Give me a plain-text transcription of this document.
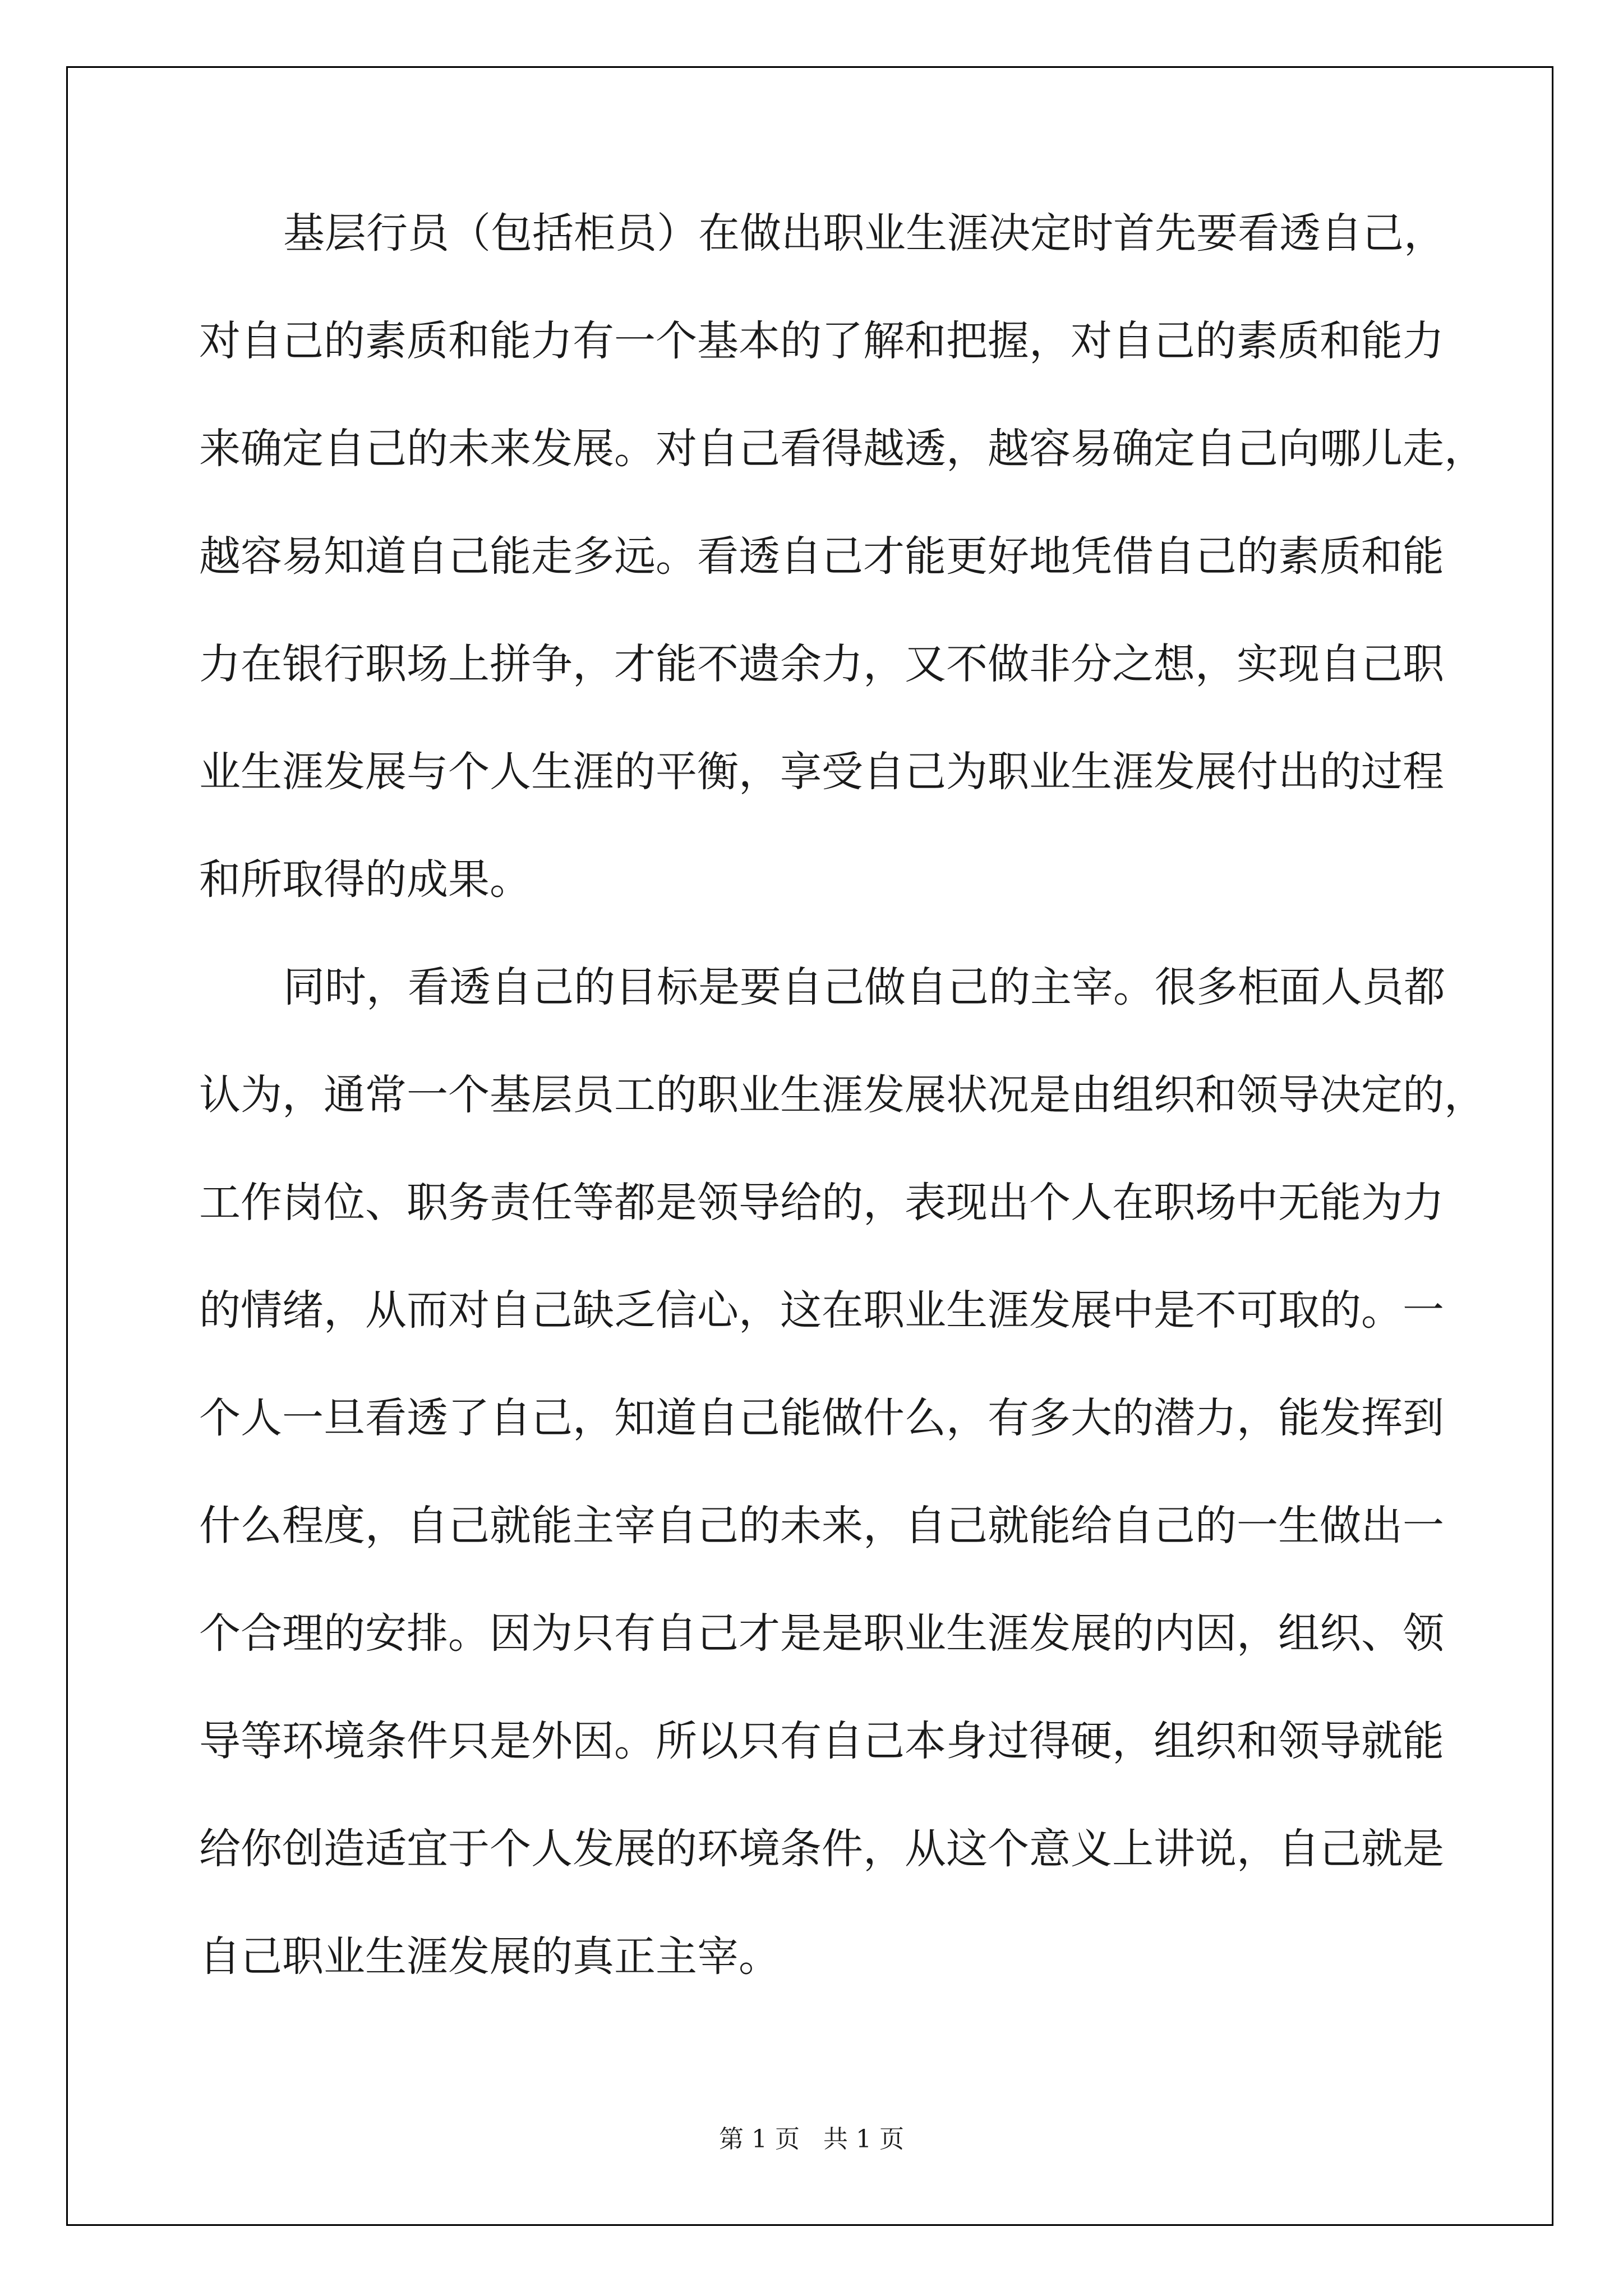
基层行员（包括柜员）在做出职业生涯决定时首先要看透自己，

对自己的素质和能力有一个基本的了解和把握，对自己的素质和能力

来确定自己的未来发展。对自己看得越透，越容易确定自己向哪儿走，

越容易知道自己能走多远。看透自己才能更好地凭借自己的素质和能

力在银行职场上拼争，才能不遗余力，又不做非分之想，实现自己职

业生涯发展与个人生涯的平衡，享受自己为职业生涯发展付出的过程

和所取得的成果。

同时，看透自己的目标是要自己做自己的主宰。很多柜面人员都

认为，通常一个基层员工的职业生涯发展状况是由组织和领导决定的，

工作岗位、职务责任等都是领导给的，表现出个人在职场中无能为力

的情绪，从而对自己缺乏信心，这在职业生涯发展中是不可取的。一

个人一旦看透了自己，知道自己能做什么，有多大的潜力，能发挥到

什么程度，自己就能主宰自己的未来，自己就能给自己的一生做出一

个合理的安排。因为只有自己才是是职业生涯发展的内因，组织、领

导等环境条件只是外因。所以只有自己本身过得硬，组织和领导就能

给你创造适宜于个人发展的环境条件，从这个意义上讲说，自己就是

自己职业生涯发展的真正主宰。

第 1 页   共 1 页
